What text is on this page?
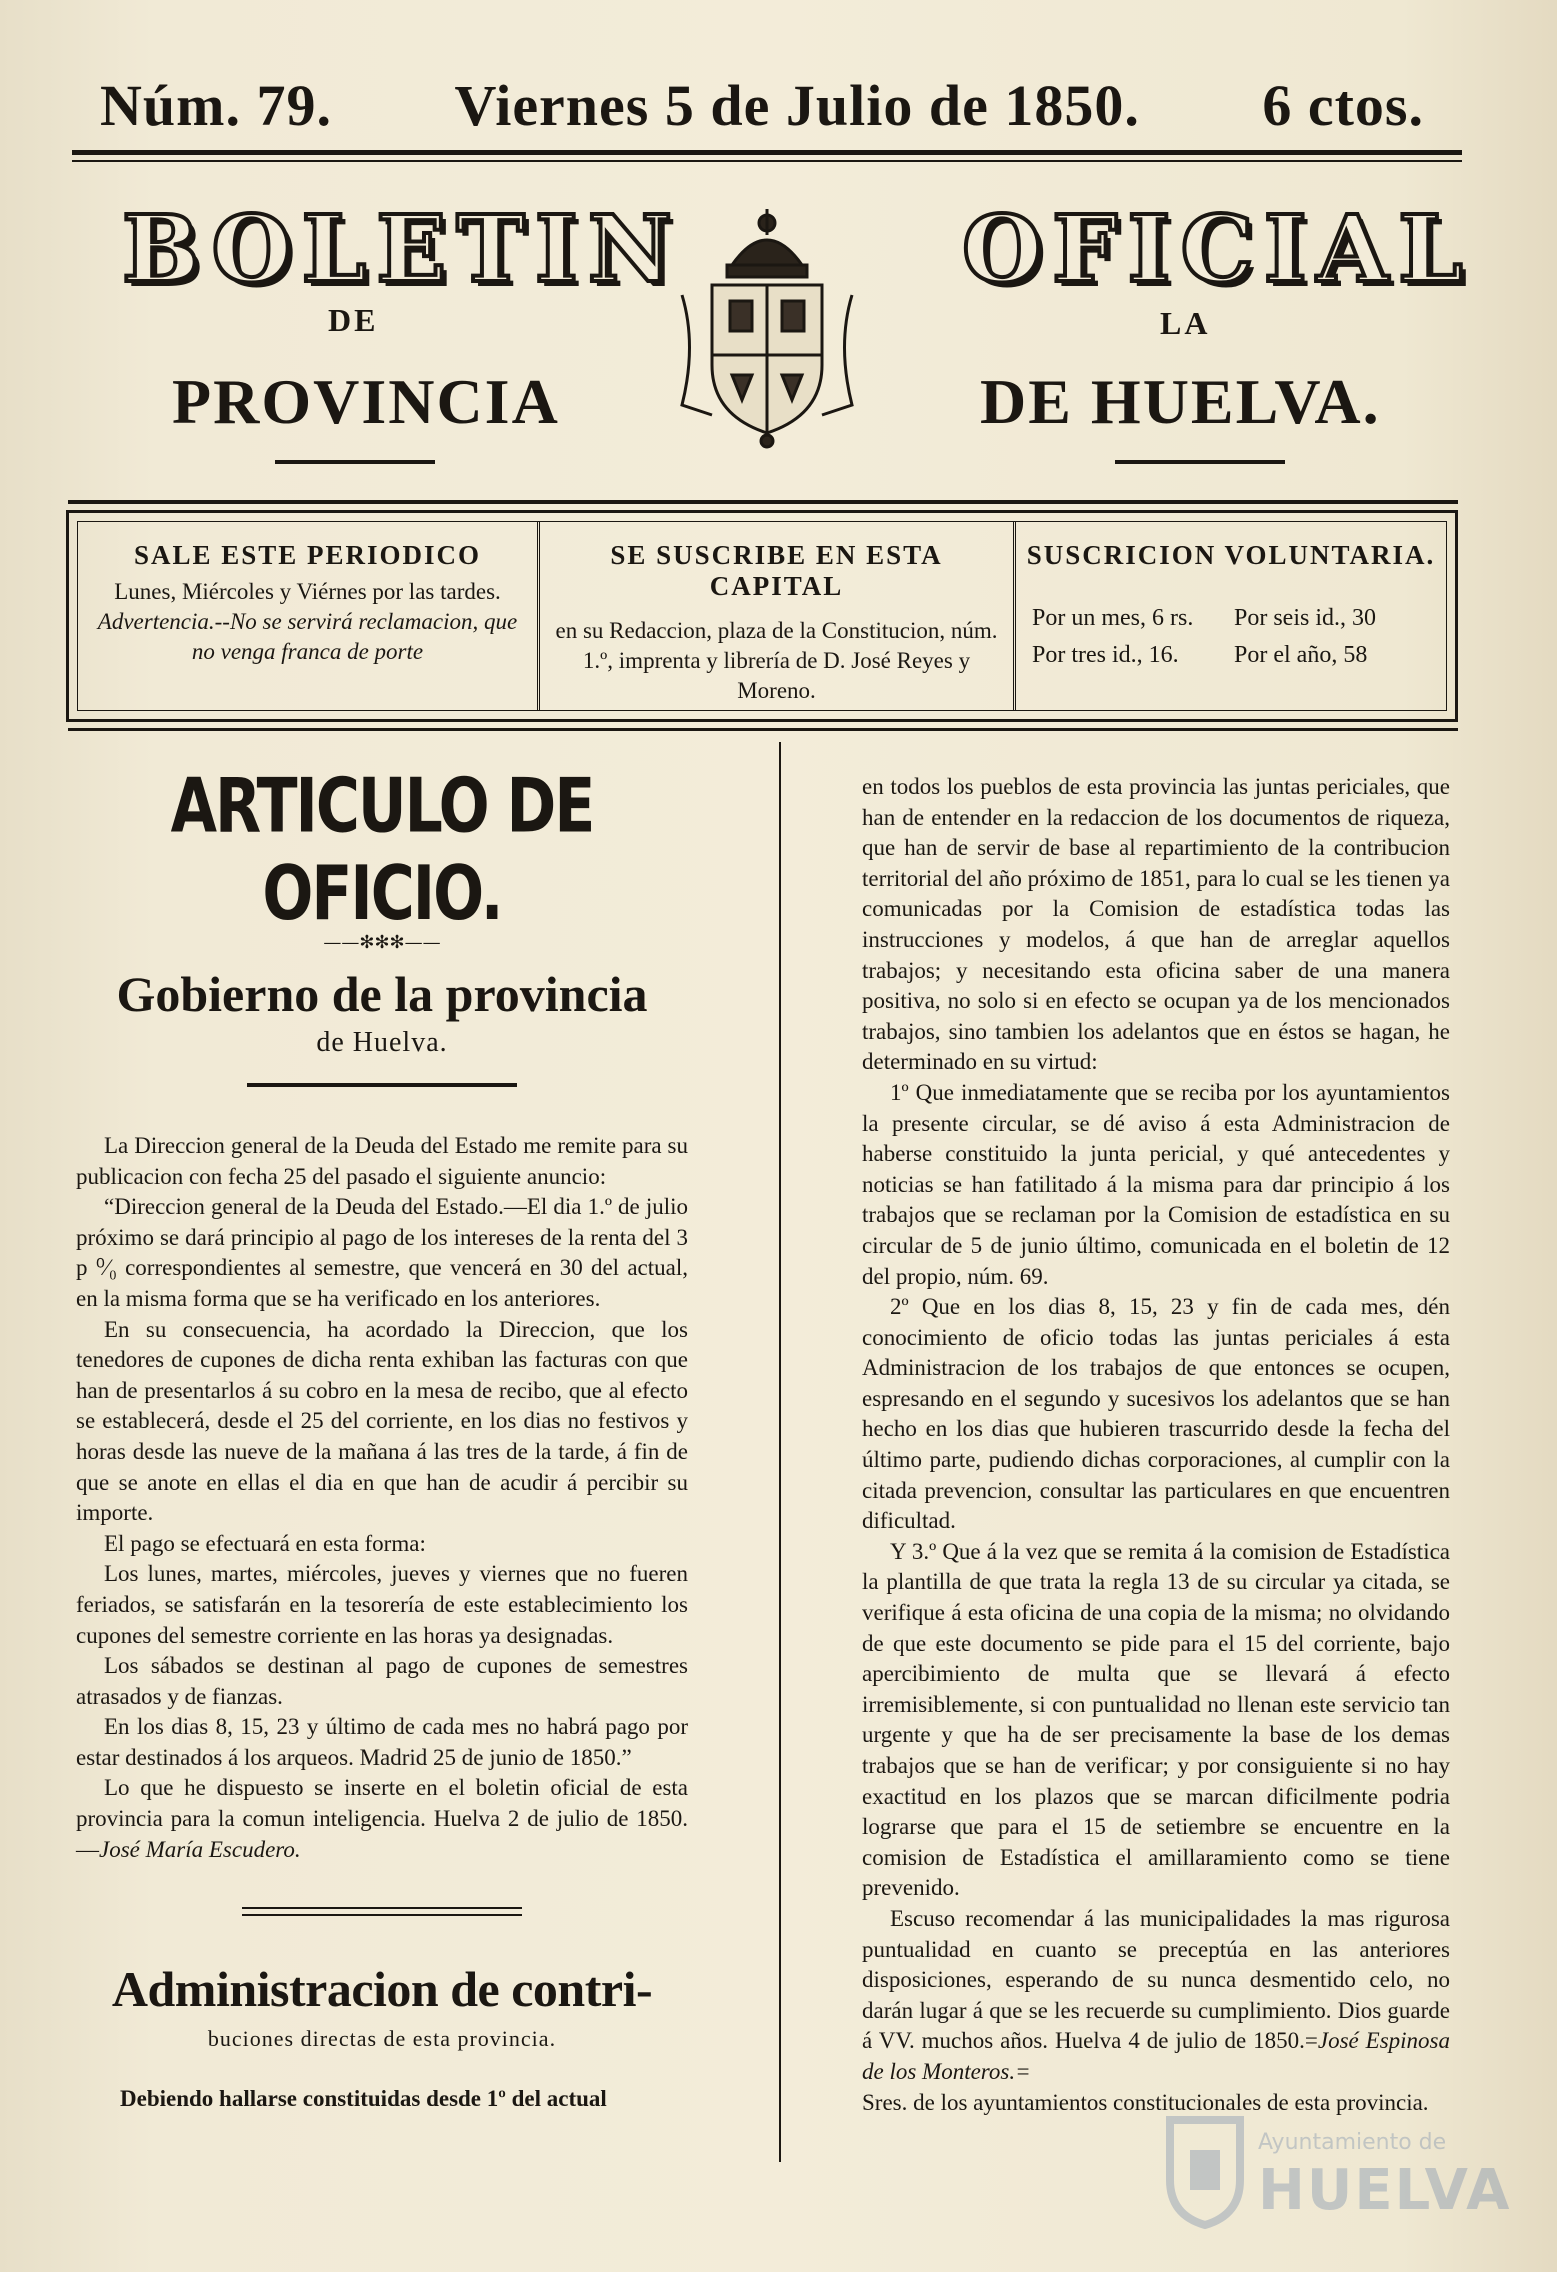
Núm. 79. Viernes 5 de Julio de 1850. 6 ctos.
BOLETIN	OFICIAL
DE	LA
PROVINCIA	DE HUELVA.
SALE ESTE PERIODICO
Lunes, Miércoles y Viérnes por las tardes.
Advertencia.--No se servirá reclamacion, que no venga franca de porte
SE SUSCRIBE EN ESTA CAPITAL
en su Redaccion, plaza de la Constitucion, núm. 1.º, imprenta y librería de D. José Reyes y Moreno.
SUSCRICION VOLUNTARIA.
Por un mes, 6 rs.	Por seis id., 30
Por tres id., 16.	Por el año, 58
ARTICULO DE OFICIO.
——✻✻✻——
Gobierno de la provincia
de Huelva.

La Direccion general de la Deuda del Estado me remite para su publicacion con fecha 25 del pasado el siguiente anuncio:

“Direccion general de la Deuda del Estado.—El dia 1.º de julio próximo se dará principio al pago de los intereses de la renta del 3 p ⁰⁄₀ correspondientes al semestre, que vencerá en 30 del actual, en la misma forma que se ha verificado en los anteriores.

En su consecuencia, ha acordado la Direccion, que los tenedores de cupones de dicha renta exhiban las facturas con que han de presentarlos á su cobro en la mesa de recibo, que al efecto se establecerá, desde el 25 del corriente, en los dias no festivos y horas desde las nueve de la mañana á las tres de la tarde, á fin de que se anote en ellas el dia en que han de acudir á percibir su importe.

El pago se efectuará en esta forma:

Los lunes, martes, miércoles, jueves y viernes que no fueren feriados, se satisfarán en la tesorería de este establecimiento los cupones del semestre corriente en las horas ya designadas.

Los sábados se destinan al pago de cupones de semestres atrasados y de fianzas.

En los dias 8, 15, 23 y último de cada mes no habrá pago por estar destinados á los arqueos. Madrid 25 de junio de 1850.”

Lo que he dispuesto se inserte en el boletin oficial de esta provincia para la comun inteligencia. Huelva 2 de julio de 1850.—José María Escudero.

Administracion de contri-
buciones directas de esta provincia.
Debiendo hallarse constituidas desde 1º del actual

en todos los pueblos de esta provincia las juntas periciales, que han de entender en la redaccion de los documentos de riqueza, que han de servir de base al repartimiento de la contribucion territorial del año próximo de 1851, para lo cual se les tienen ya comunicadas por la Comision de estadística todas las instrucciones y modelos, á que han de arreglar aquellos trabajos; y necesitando esta oficina saber de una manera positiva, no solo si en efecto se ocupan ya de los mencionados trabajos, sino tambien los adelantos que en éstos se hagan, he determinado en su virtud:

1º Que inmediatamente que se reciba por los ayuntamientos la presente circular, se dé aviso á esta Administracion de haberse constituido la junta pericial, y qué antecedentes y noticias se han fatilitado á la misma para dar principio á los trabajos que se reclaman por la Comision de estadística en su circular de 5 de junio último, comunicada en el boletin de 12 del propio, núm. 69.

2º Que en los dias 8, 15, 23 y fin de cada mes, dén conocimiento de oficio todas las juntas periciales á esta Administracion de los trabajos de que entonces se ocupen, espresando en el segundo y sucesivos los adelantos que se han hecho en los dias que hubieren trascurrido desde la fecha del último parte, pudiendo dichas corporaciones, al cumplir con la citada prevencion, consultar las particulares en que encuentren dificultad.

Y 3.º Que á la vez que se remita á la comision de Estadística la plantilla de que trata la regla 13 de su circular ya citada, se verifique á esta oficina de una copia de la misma; no olvidando de que este documento se pide para el 15 del corriente, bajo apercibimiento de multa que se llevará á efecto irremisiblemente, si con puntualidad no llenan este servicio tan urgente y que ha de ser precisamente la base de los demas trabajos que se han de verificar; y por consiguiente si no hay exactitud en los plazos que se marcan dificilmente podria lograrse que para el 15 de setiembre se encuentre en la comision de Estadística el amillaramiento como se tiene prevenido.

Escuso recomendar á las municipalidades la mas rigurosa puntualidad en cuanto se preceptúa en las anteriores disposiciones, esperando de su nunca desmentido celo, no darán lugar á que se les recuerde su cumplimiento. Dios guarde á VV. muchos años. Huelva 4 de julio de 1850.=José Espinosa de los Monteros.=

Sres. de los ayuntamientos constitucionales de esta provincia.

Ayuntamiento de
HUELVA
